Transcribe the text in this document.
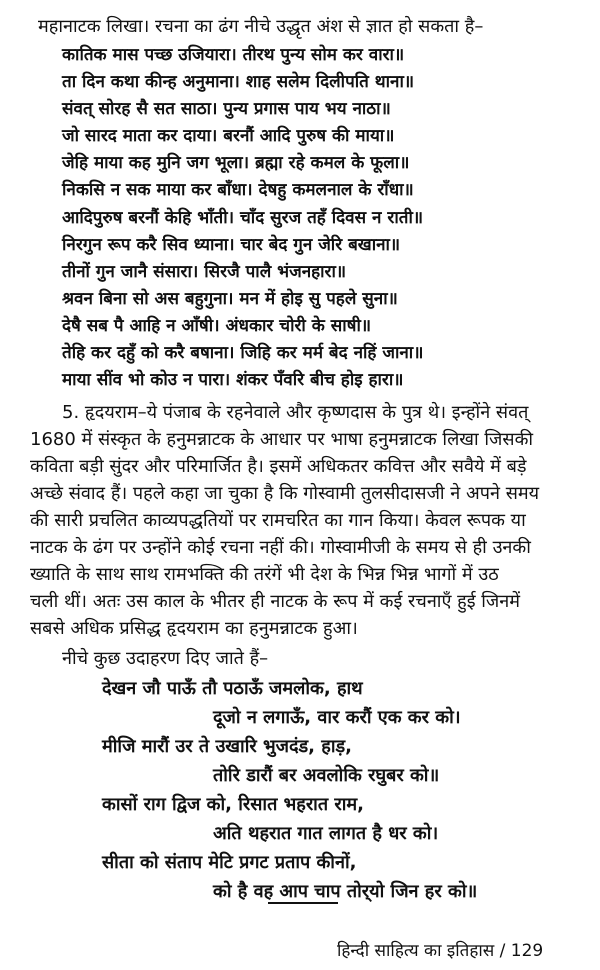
महानाटक लिखा। रचना का ढंग नीचे उद्धृत अंश से ज्ञात हो सकता है–
कातिक मास पच्छ उजियारा। तीरथ पुन्य सोम कर वारा॥
ता दिन कथा कीन्ह अनुमाना। शाह सलेम दिलीपति थाना॥
संवत् सोरह सै सत साठा। पुन्य प्रगास पाय भय नाठा॥
जो सारद माता कर दाया। बरनौं आदि पुरुष की माया॥
जेहि माया कह मुनि जग भूला। ब्रह्मा रहे कमल के फूला॥
निकसि न सक माया कर बाँधा। देषहु कमलनाल के राँधा॥
आदिपुरुष बरनौं केहि भाँती। चाँद सुरज तहँ दिवस न राती॥
निरगुन रूप करै सिव ध्याना। चार बेद गुन जेरि बखाना॥
तीनों गुन जानै संसारा। सिरजै पालै भंजनहारा॥
श्रवन बिना सो अस बहुगुना। मन में होइ सु पहले सुना॥
देषै सब पै आहि न आँषी। अंधकार चोरी के साषी॥
तेहि कर दहुँ को करै बषाना। जिहि कर मर्म बेद नहिं जाना॥
माया सींव भो कोउ न पारा। शंकर पँवरि बीच होइ हारा॥
5. हृदयराम–ये पंजाब के रहनेवाले और कृष्णदास के पुत्र थे। इन्होंने संवत्
1680 में संस्कृत के हनुमन्नाटक के आधार पर भाषा हनुमन्नाटक लिखा जिसकी
कविता बड़ी सुंदर और परिमार्जित है। इसमें अधिकतर कवित्त और सवैये में बड़े
अच्छे संवाद हैं। पहले कहा जा चुका है कि गोस्वामी तुलसीदासजी ने अपने समय
की सारी प्रचलित काव्यपद्धतियों पर रामचरित का गान किया। केवल रूपक या
नाटक के ढंग पर उन्होंने कोई रचना नहीं की। गोस्वामीजी के समय से ही उनकी
ख्याति के साथ साथ रामभक्ति की तरंगें भी देश के भिन्न भिन्न भागों में उठ
चली थीं। अतः उस काल के भीतर ही नाटक के रूप में कई रचनाएँ हुई जिनमें
सबसे अधिक प्रसिद्ध हृदयराम का हनुमन्नाटक हुआ।
नीचे कुछ उदाहरण दिए जाते हैं–
देखन जौ पाऊँ तौ पठाऊँ जमलोक, हाथ
दूजो न लगाऊँ, वार करौं एक कर को।
मीजि मारौं उर ते उखारि भुजदंड, हाड़,
तोरि डारौं बर अवलोकि रघुबर को॥
कासों राग द्विज को, रिसात भहरात राम,
अति थहरात गात लागत है धर को।
सीता को संताप मेटि प्रगट प्रताप कीनों,
को है वह आप चाप तोर्‌यो जिन हर को॥
हिन्दी साहित्य का इतिहास / 129
